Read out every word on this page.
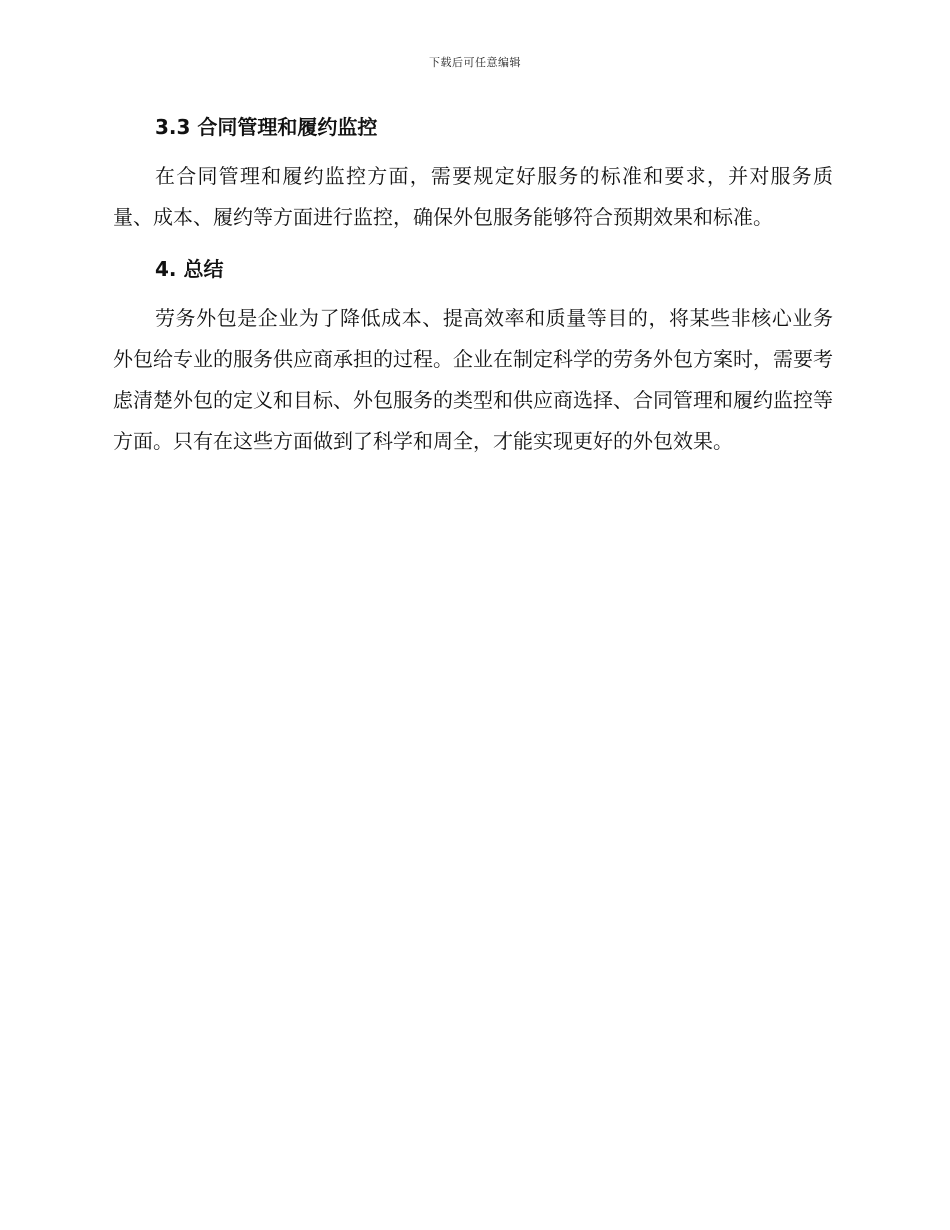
下载后可任意编辑
3.3 合同管理和履约监控

在合同管理和履约监控方面，需要规定好服务的标准和要求，并对服务质量、成本、履约等方面进行监控，确保外包服务能够符合预期效果和标准。

4. 总结

劳务外包是企业为了降低成本、提高效率和质量等目的，将某些非核心业务外包给专业的服务供应商承担的过程。企业在制定科学的劳务外包方案时，需要考虑清楚外包的定义和目标、外包服务的类型和供应商选择、合同管理和履约监控等方面。只有在这些方面做到了科学和周全，才能实现更好的外包效果。
